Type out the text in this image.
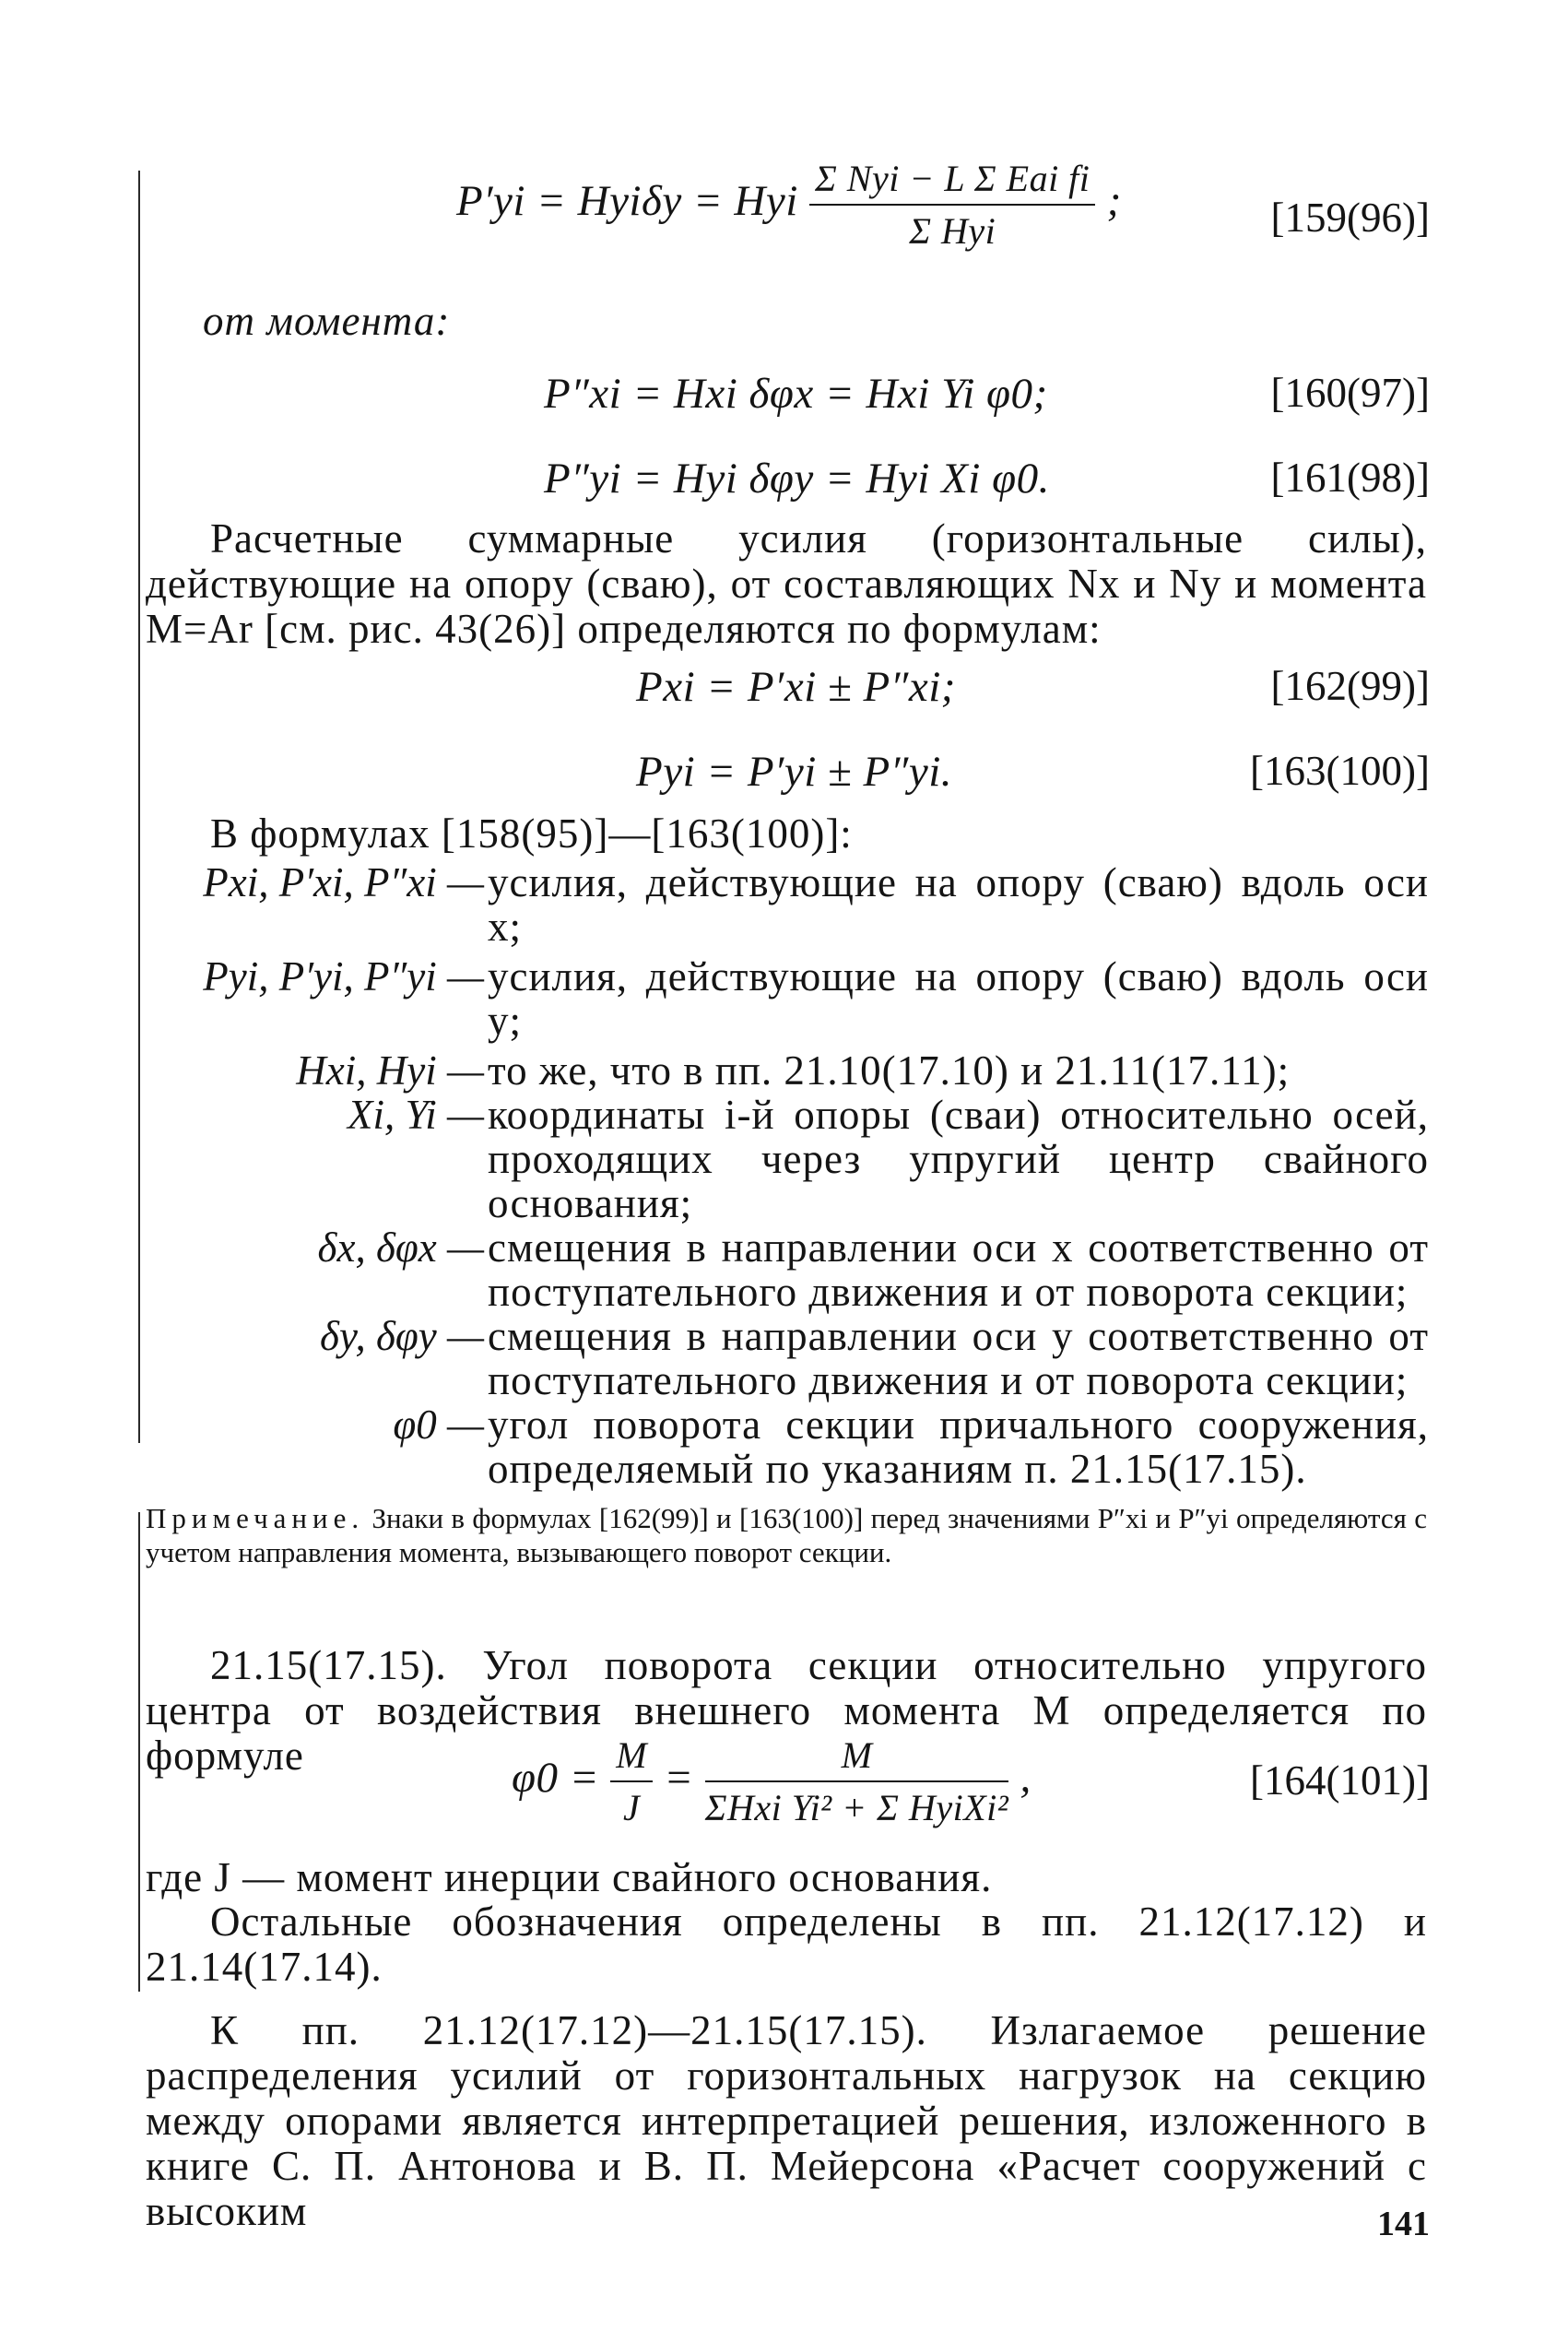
P′yi = Hyiδy = Hyi $\frac{\text{Σ Nyi − L Σ Eai fi}}{\text{Σ Hyi}}$ ;	[159(96)]
от момента:
P″xi = Hxi δφx = Hxi Yi φ0;	[160(97)]
P″yi = Hyi δφy = Hyi Xi φ0.	[161(98)]
Расчетные суммарные усилия (горизонтальные силы), действующие на опору (сваю), от составляющих Nx и Ny и момента M=Ar [см. рис. 43(26)] определяются по формулам:
Pxi = P′xi ± P″xi;	[162(99)]
Pyi = P′yi ± P″yi.	[163(100)]
В формулах [158(95)]—[163(100)]:
Pxi, P′xi, P″xi — усилия, действующие на опору (сваю) вдоль оси x;
Pyi, P′yi, P″yi — усилия, действующие на опору (сваю) вдоль оси y;
Hxi, Hyi — то же, что в пп. 21.10(17.10) и 21.11(17.11);
Xi, Yi — координаты i-й опоры (сваи) относительно осей, проходящих через упругий центр свайного основания;
δx, δφx — смещения в направлении оси x соответственно от поступательного движения и от поворота секции;
δy, δφy — смещения в направлении оси y соответственно от поступательного движения и от поворота секции;
φ0 — угол поворота секции причального сооружения, определяемый по указаниям п. 21.15(17.15).
Примечание. Знаки в формулах [162(99)] и [163(100)] перед значениями P″xi и P″yi определяются с учетом направления момента, вызывающего поворот секции.
21.15(17.15). Угол поворота секции относительно упругого центра от воздействия внешнего момента M определяется по формуле	$\varphi 0 = \frac{M}{J} = \frac{M}{\text{ΣHxi Yi² + Σ HyiXi²}}$ ,	[164(101)]
где J — момент инерции свайного основания.
Остальные обозначения определены в пп. 21.12(17.12) и 21.14(17.14).
К пп. 21.12(17.12)—21.15(17.15). Излагаемое решение распределения усилий от горизонтальных нагрузок на секцию между опорами является интерпретацией решения, изложенного в книге С. П. Антонова и В. П. Мейерсона «Расчет сооружений с высоким	141
